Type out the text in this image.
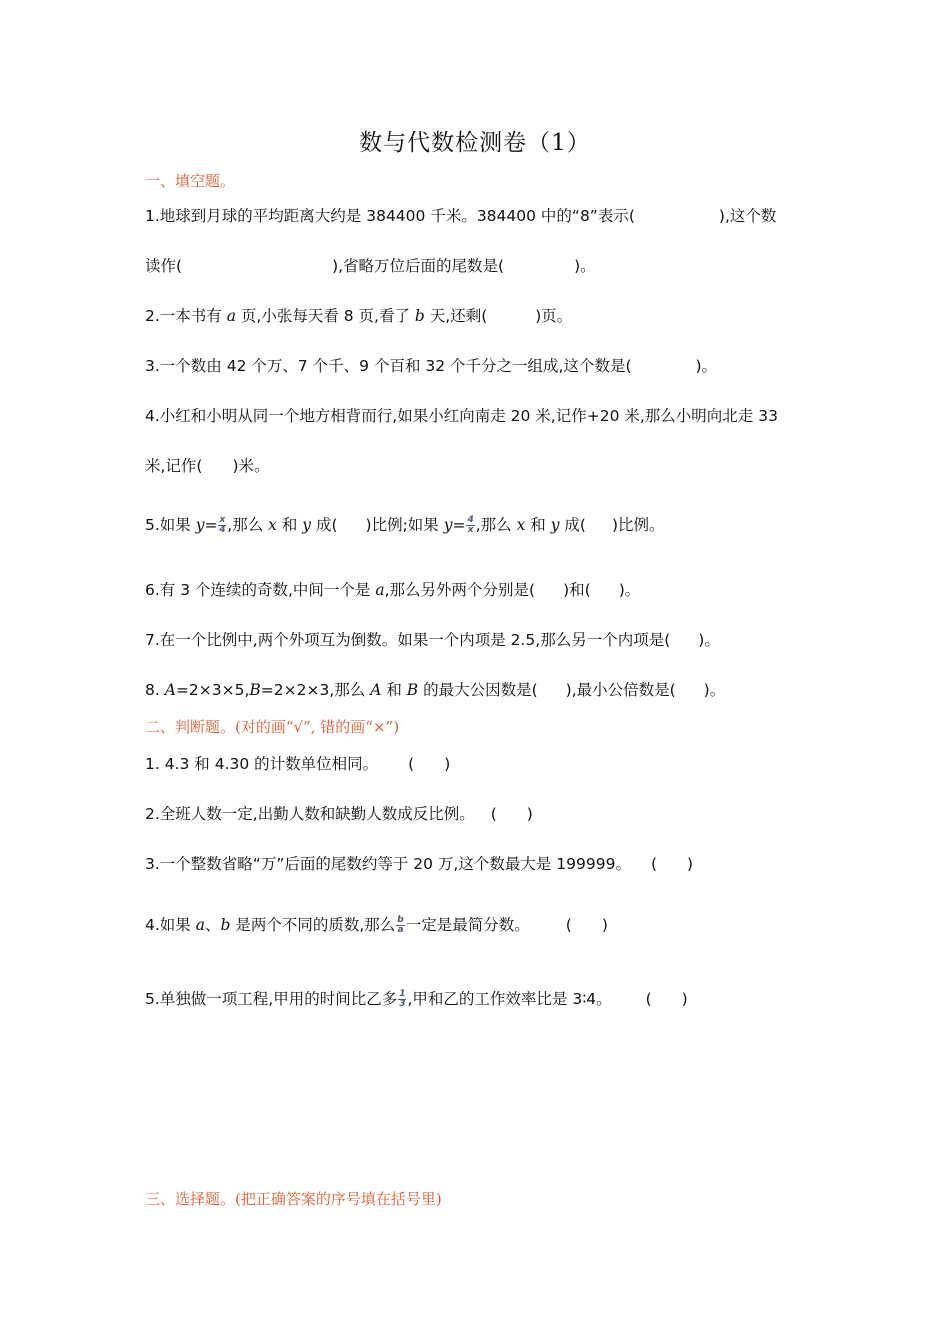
数与代数检测卷（1）
一、填空题。
1.地球到月球的平均距离大约是 384400 千米。384400 中的“8”表示(	),这个数
读作(	),省略万位后面的尾数是(	)。
2.一本书有 a 页,小张每天看 8 页,看了 b 天,还剩(	)页。
3.一个数由 42 个万、7 个千、9 个百和 32 个千分之一组成,这个数是(	)。
4.小红和小明从同一个地方相背而行,如果小红向南走 20 米,记作+20 米,那么小明向北走 33
米,记作( )米。
5.如果 $y= \frac{x}{4}$ ,那么 x 和 y 成( )比例;如果 $y= \frac{4}{x}$ ,那么 x 和 y 成( )比例。
6.有 3 个连续的奇数,中间一个是 a,那么另外两个分别是( )和( )。
7.在一个比例中,两个外项互为倒数。如果一个内项是 2.5,那么另一个内项是( )。
8. A=2×3×5,B=2×2×3,那么 A 和 B 的最大公因数是( ),最小公倍数是( )。
二、判断题。(对的画“√”, 错的画“×”)
1. 4.3 和 4.30 的计数单位相同。 ( )
2.全班人数一定,出勤人数和缺勤人数成反比例。 ( )
3.一个整数省略“万”后面的尾数约等于 20 万,这个数最大是 199999。 ( )
4.如果 a、b 是两个不同的质数,那么 $\frac{b}{a}$ 一定是最简分数。 ( )
5.单独做一项工程,甲用的时间比乙多 $\frac{1}{3}$ ,甲和乙的工作效率比是 3∶4。 ( )
三、选择题。(把正确答案的序号填在括号里)
